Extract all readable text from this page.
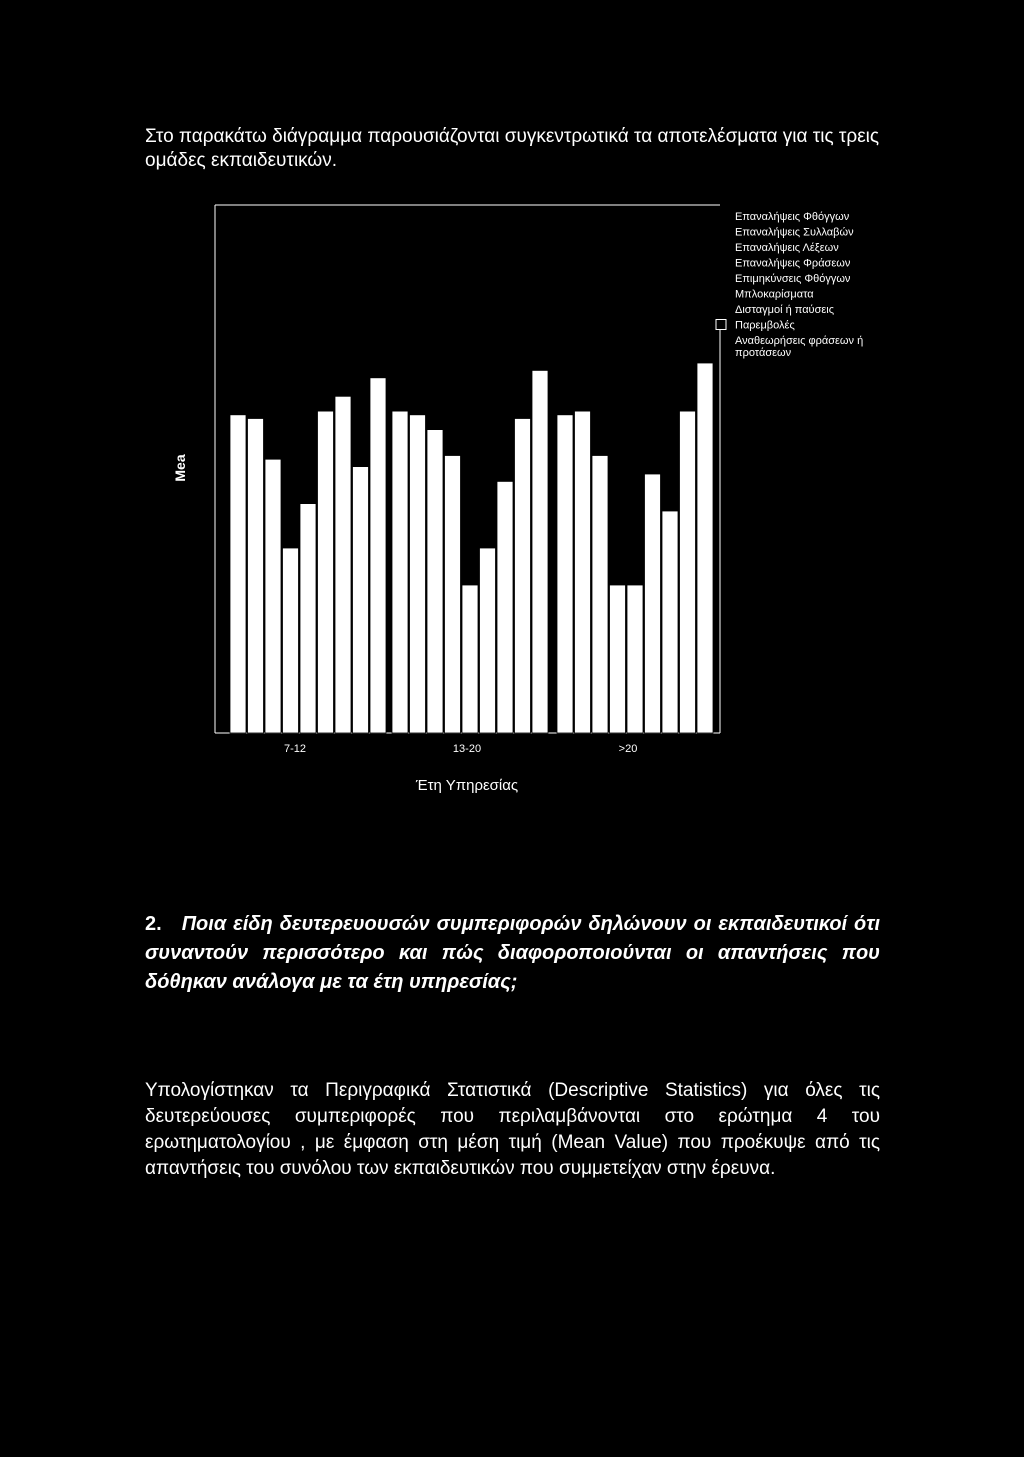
Στο παρακάτω διάγραμμα παρουσιάζονται συγκεντρωτικά τα αποτελέσματα για τις τρεις ομάδες εκπαιδευτικών.

7-12	13-20	>20
Έτη Υπηρεσίας
Mea
Επαναλήψεις Φθόγγων
Επαναλήψεις Συλλαβών
Επαναλήψεις Λέξεων
Επαναλήψεις Φράσεων
Επιμηκύνσεις Φθόγγων
Μπλοκαρίσματα
Δισταγμοί ή παύσεις
Παρεμβολές
Αναθεωρήσεις φράσεων ή προτάσεων

2. Ποια είδη δευτερευουσών συμπεριφορών δηλώνουν οι εκπαιδευτικοί ότι συναντούν περισσότερο και πώς διαφοροποιούνται οι απαντήσεις που δόθηκαν ανάλογα με τα έτη υπηρεσίας;

Υπολογίστηκαν τα Περιγραφικά Στατιστικά (Descriptive Statistics) για όλες τις δευτερεύουσες συμπεριφορές που περιλαμβάνονται στο ερώτημα 4 του ερωτηματολογίου , με έμφαση στη μέση τιμή (Mean Value) που προέκυψε από τις απαντήσεις του συνόλου των εκπαιδευτικών που συμμετείχαν στην έρευνα.
